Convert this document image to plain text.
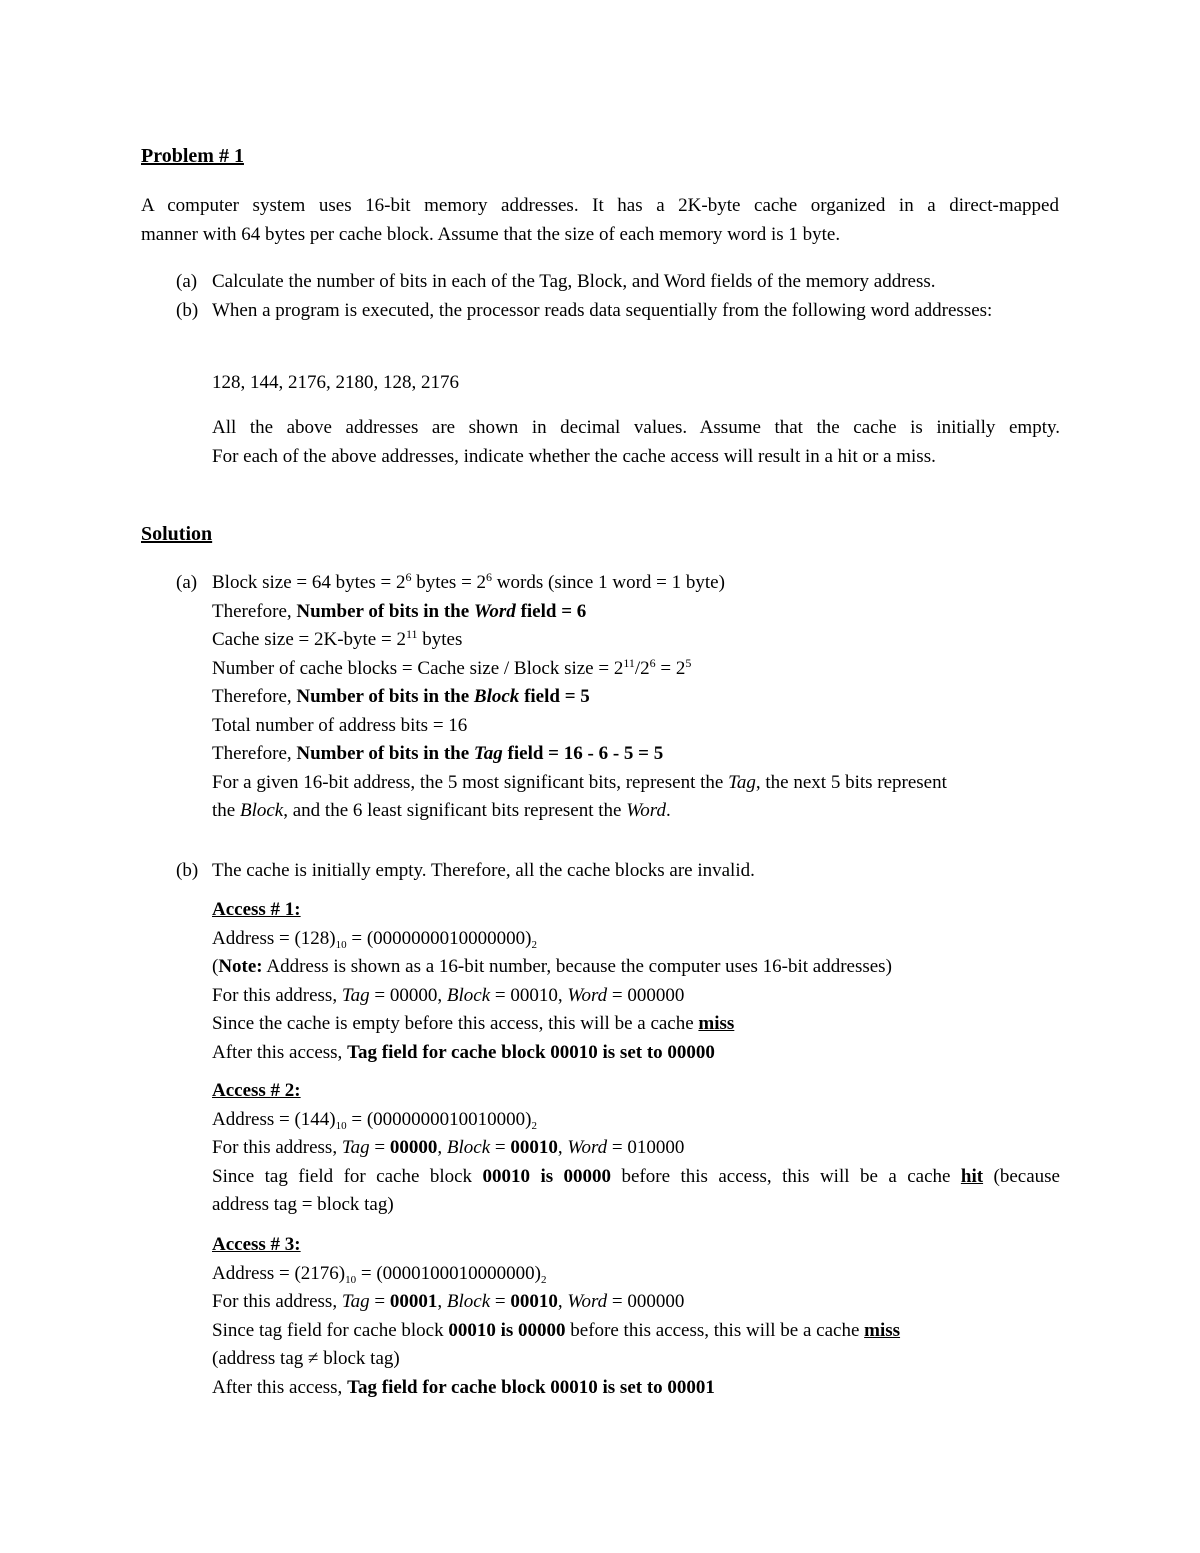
Problem # 1

A computer system uses 16-bit memory addresses. It has a 2K-byte cache organized in a direct-mapped

manner with 64 bytes per cache block. Assume that the size of each memory word is 1 byte.

(a) Calculate the number of bits in each of the Tag, Block, and Word fields of the memory address.
(b) When a program is executed, the processor reads data sequentially from the following word addresses:
128, 144, 2176, 2180, 128, 2176
All the above addresses are shown in decimal values. Assume that the cache is initially empty.
For each of the above addresses, indicate whether the cache access will result in a hit or a miss.
Solution
(a) Block size = 64 bytes = $2^6$ bytes = $2^6$ words (since 1 word = 1 byte)
Therefore, Number of bits in the Word field = 6
Cache size = 2K-byte = $2^{11}$ bytes
Number of cache blocks = Cache size / Block size = $2^{11}/2^6 = 2^5$
Therefore, Number of bits in the Block field = 5
Total number of address bits = 16
Therefore, Number of bits in the Tag field = 16 - 6 - 5 = 5
For a given 16-bit address, the 5 most significant bits, represent the Tag, the next 5 bits represent
the Block, and the 6 least significant bits represent the Word.
(b) The cache is initially empty. Therefore, all the cache blocks are invalid.
Access # 1:
Address = $(128)_{10} = (0000000010000000)_2$
(Note: Address is shown as a 16-bit number, because the computer uses 16-bit addresses)
For this address, Tag = 00000, Block = 00010, Word = 000000
Since the cache is empty before this access, this will be a cache miss
After this access, Tag field for cache block 00010 is set to 00000
Access # 2:
Address = $(144)_{10} = (0000000010010000)_2$
For this address, Tag = 00000, Block = 00010, Word = 010000
Since tag field for cache block 00010 is 00000 before this access, this will be a cache hit (because
address tag = block tag)
Access # 3:
Address = $(2176)_{10} = (0000100010000000)_2$
For this address, Tag = 00001, Block = 00010, Word = 000000
Since tag field for cache block 00010 is 00000 before this access, this will be a cache miss
(address tag ≠ block tag)
After this access, Tag field for cache block 00010 is set to 00001
